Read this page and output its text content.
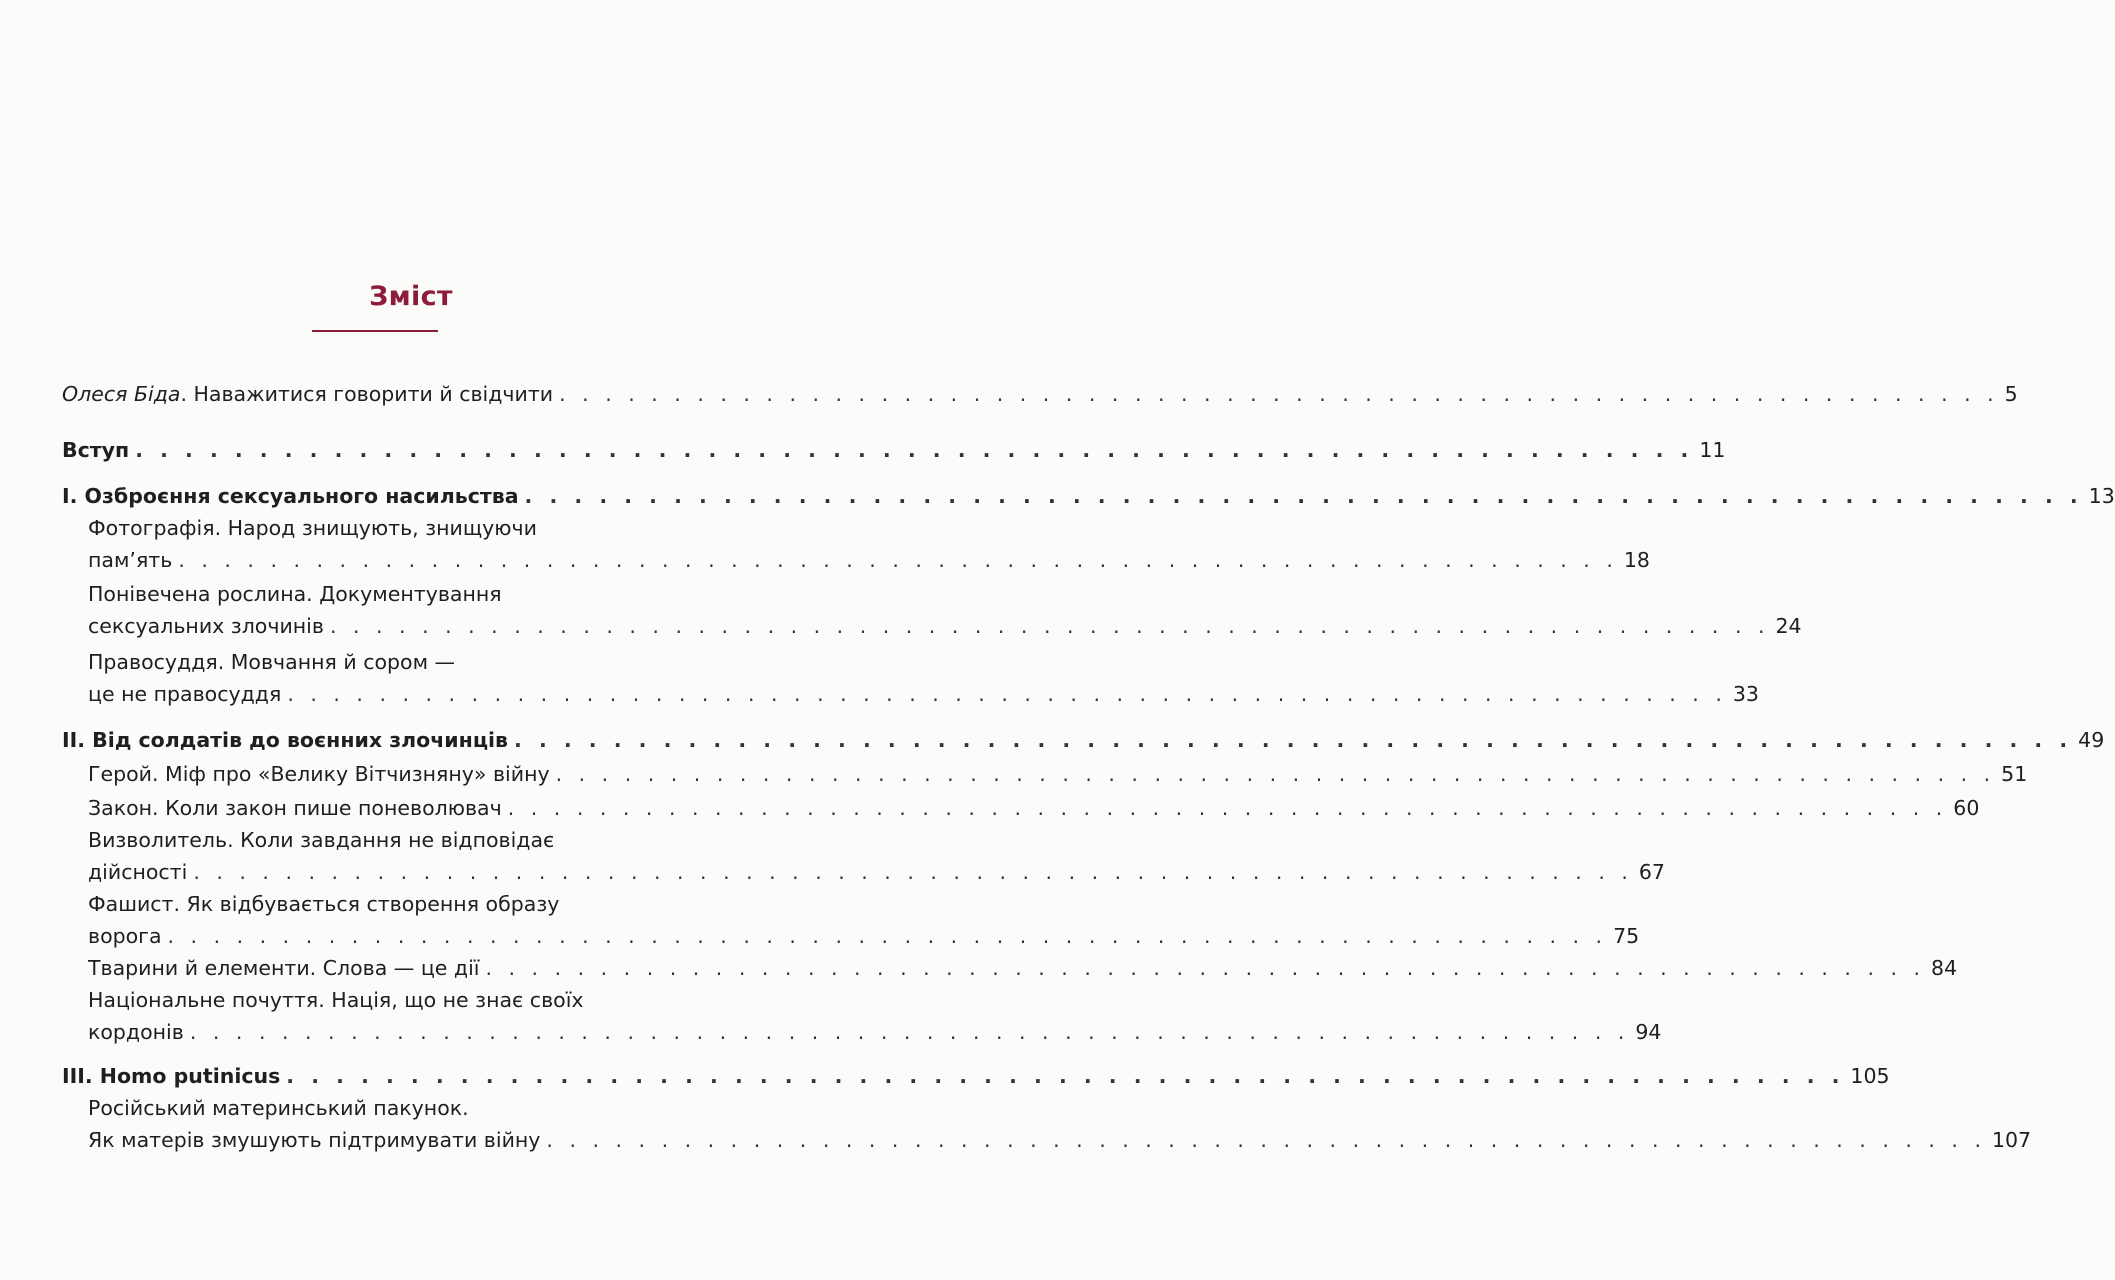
Зміст
Олеся Біда. Наважитися говорити й свідчити . . . . . . . . . . . . . . . . . . . . . . . . . . . . . . . . . . . . . . . . . . . . . . . . . . . . . . . . . . . . . . . 5
Вступ . . . . . . . . . . . . . . . . . . . . . . . . . . . . . . . . . . . . . . . . . . . . . . . . . . . . . . . . . . . . . . . 11
І. Озброєння сексуального насильства . . . . . . . . . . . . . . . . . . . . . . . . . . . . . . . . . . . . . . . . . . . . . . . . . . . . . . . . . . . . . . . 13
Фотографія. Народ знищують, знищуючи
пам’ять . . . . . . . . . . . . . . . . . . . . . . . . . . . . . . . . . . . . . . . . . . . . . . . . . . . . . . . . . . . . . . . 18
Понівечена рослина. Документування
сексуальних злочинів . . . . . . . . . . . . . . . . . . . . . . . . . . . . . . . . . . . . . . . . . . . . . . . . . . . . . . . . . . . . . . . 24
Правосуддя. Мовчання й сором —
це не правосуддя . . . . . . . . . . . . . . . . . . . . . . . . . . . . . . . . . . . . . . . . . . . . . . . . . . . . . . . . . . . . . . . 33
ІІ. Від солдатів до воєнних злочинців . . . . . . . . . . . . . . . . . . . . . . . . . . . . . . . . . . . . . . . . . . . . . . . . . . . . . . . . . . . . . . . 49
Герой. Міф про «Велику Вітчизняну» війну . . . . . . . . . . . . . . . . . . . . . . . . . . . . . . . . . . . . . . . . . . . . . . . . . . . . . . . . . . . . . . . 51
Закон. Коли закон пише поневолювач . . . . . . . . . . . . . . . . . . . . . . . . . . . . . . . . . . . . . . . . . . . . . . . . . . . . . . . . . . . . . . . 60
Визволитель. Коли завдання не відповідає
дійсності . . . . . . . . . . . . . . . . . . . . . . . . . . . . . . . . . . . . . . . . . . . . . . . . . . . . . . . . . . . . . . . 67
Фашист. Як відбувається створення образу
ворога . . . . . . . . . . . . . . . . . . . . . . . . . . . . . . . . . . . . . . . . . . . . . . . . . . . . . . . . . . . . . . . 75
Тварини й елементи. Слова — це дії . . . . . . . . . . . . . . . . . . . . . . . . . . . . . . . . . . . . . . . . . . . . . . . . . . . . . . . . . . . . . . . 84
Національне почуття. Нація, що не знає своїх
кордонів . . . . . . . . . . . . . . . . . . . . . . . . . . . . . . . . . . . . . . . . . . . . . . . . . . . . . . . . . . . . . . . 94
ІІІ. Homo putinicus . . . . . . . . . . . . . . . . . . . . . . . . . . . . . . . . . . . . . . . . . . . . . . . . . . . . . . . . . . . . . . . 105
Російський материнський пакунок.
Як матерів змушують підтримувати війну . . . . . . . . . . . . . . . . . . . . . . . . . . . . . . . . . . . . . . . . . . . . . . . . . . . . . . . . . . . . . . . 107
